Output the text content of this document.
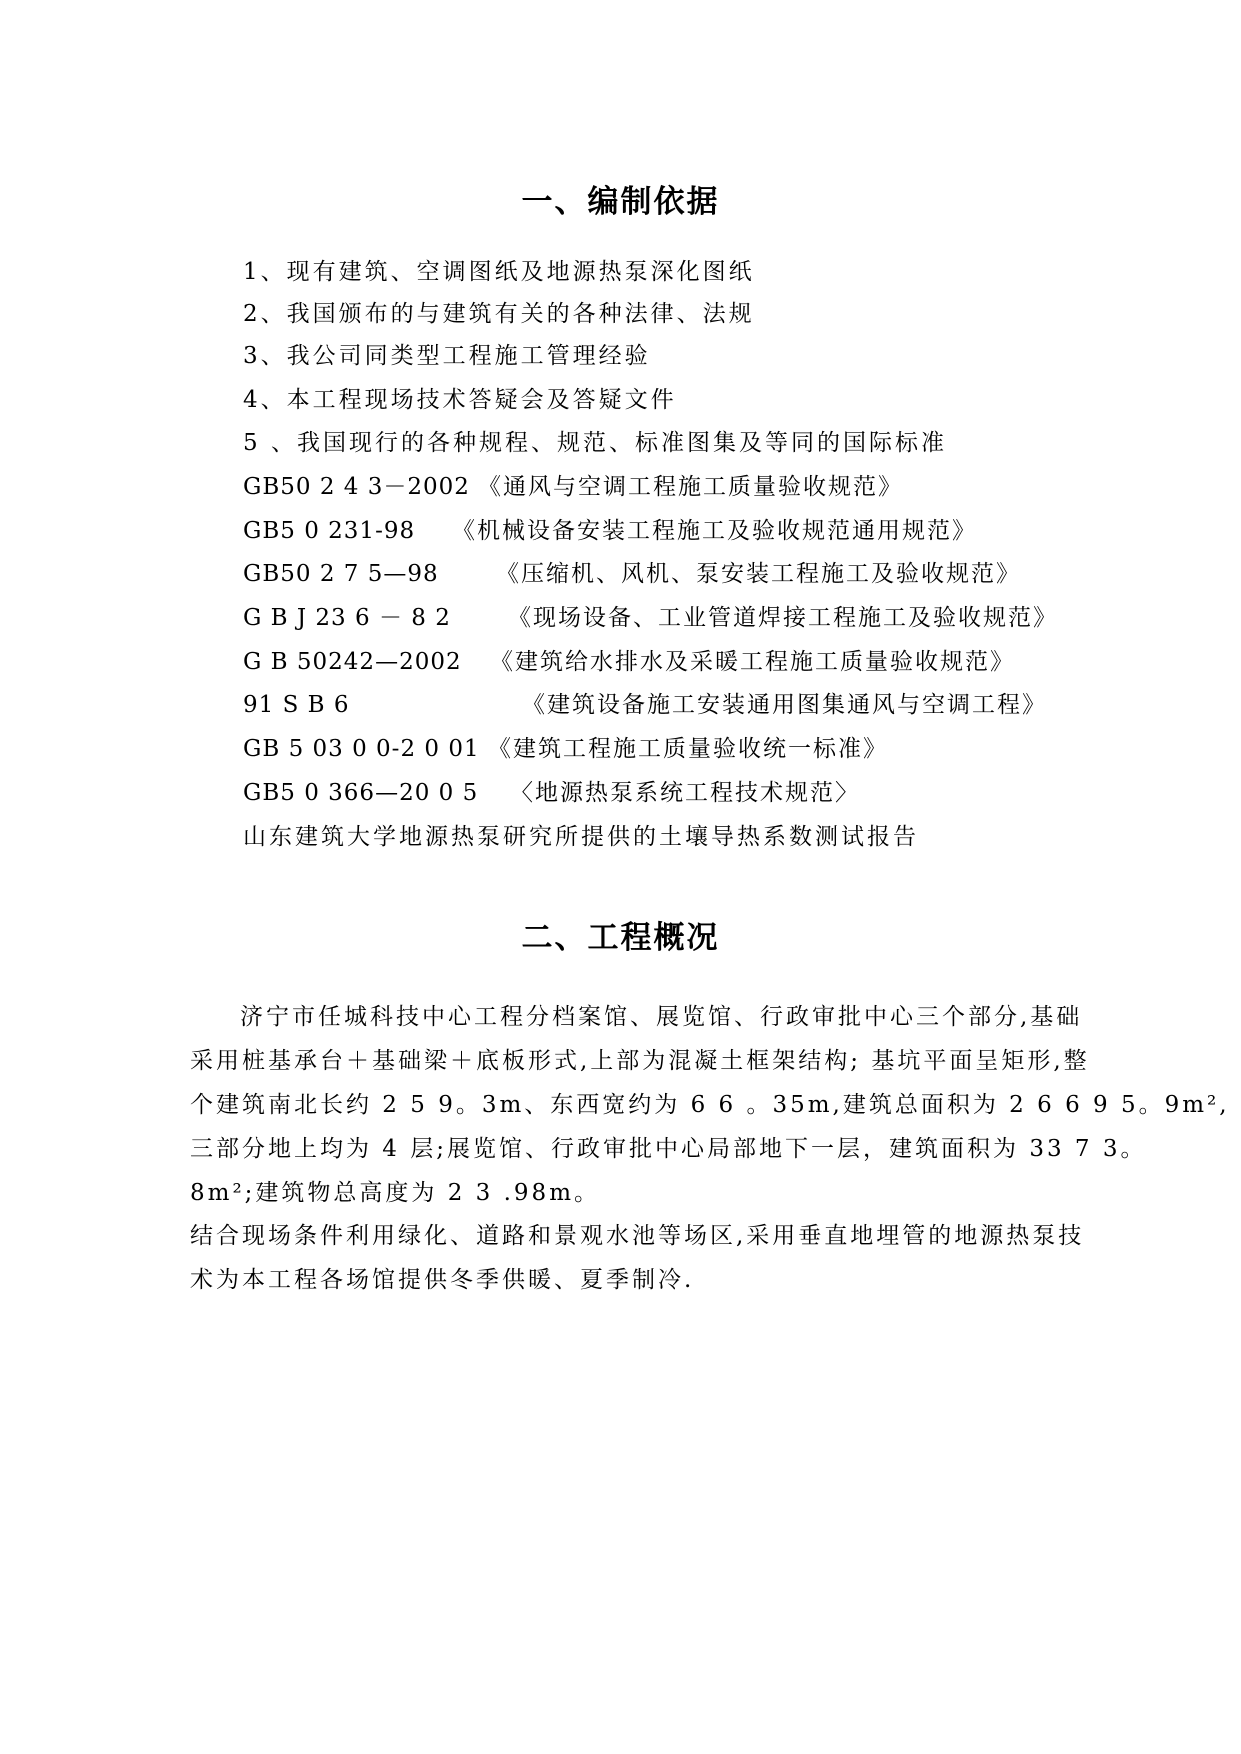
一、编制依据
1、现有建筑、空调图纸及地源热泵深化图纸
2、我国颁布的与建筑有关的各种法律、法规
3、我公司同类型工程施工管理经验
4、本工程现场技术答疑会及答疑文件
5 、我国现行的各种规程、规范、标准图集及等同的国际标准
GB50 2 4 3－2002 《通风与空调工程施工质量验收规范》
GB5 0 231-98 《机械设备安装工程施工及验收规范通用规范》
GB50 2 7 5—98 《压缩机、风机、泵安装工程施工及验收规范》
G B J 23 6 － 8 2 《现场设备、工业管道焊接工程施工及验收规范》
G B 50242—2002 《建筑给水排水及采暖工程施工质量验收规范》
91 S B 6	《建筑设备施工安装通用图集通风与空调工程》
GB 5 03 0 0-2 0 01 《建筑工程施工质量验收统一标准》
GB5 0 366—20 0 5 〈地源热泵系统工程技术规范〉
山东建筑大学地源热泵研究所提供的土壤导热系数测试报告
二、工程概况
济宁市任城科技中心工程分档案馆、展览馆、行政审批中心三个部分,基础
采用桩基承台＋基础梁＋底板形式,上部为混凝土框架结构; 基坑平面呈矩形,整
个建筑南北长约 2 5 9。3m、东西宽约为 6 6 。35m,建筑总面积为 2 6 6 9 5。9m²,
三部分地上均为 4 层;展览馆、行政审批中心局部地下一层，建筑面积为 33 7 3。
8m²;建筑物总高度为 2 3 .98m。
结合现场条件利用绿化、道路和景观水池等场区,采用垂直地埋管的地源热泵技
术为本工程各场馆提供冬季供暖、夏季制冷.
